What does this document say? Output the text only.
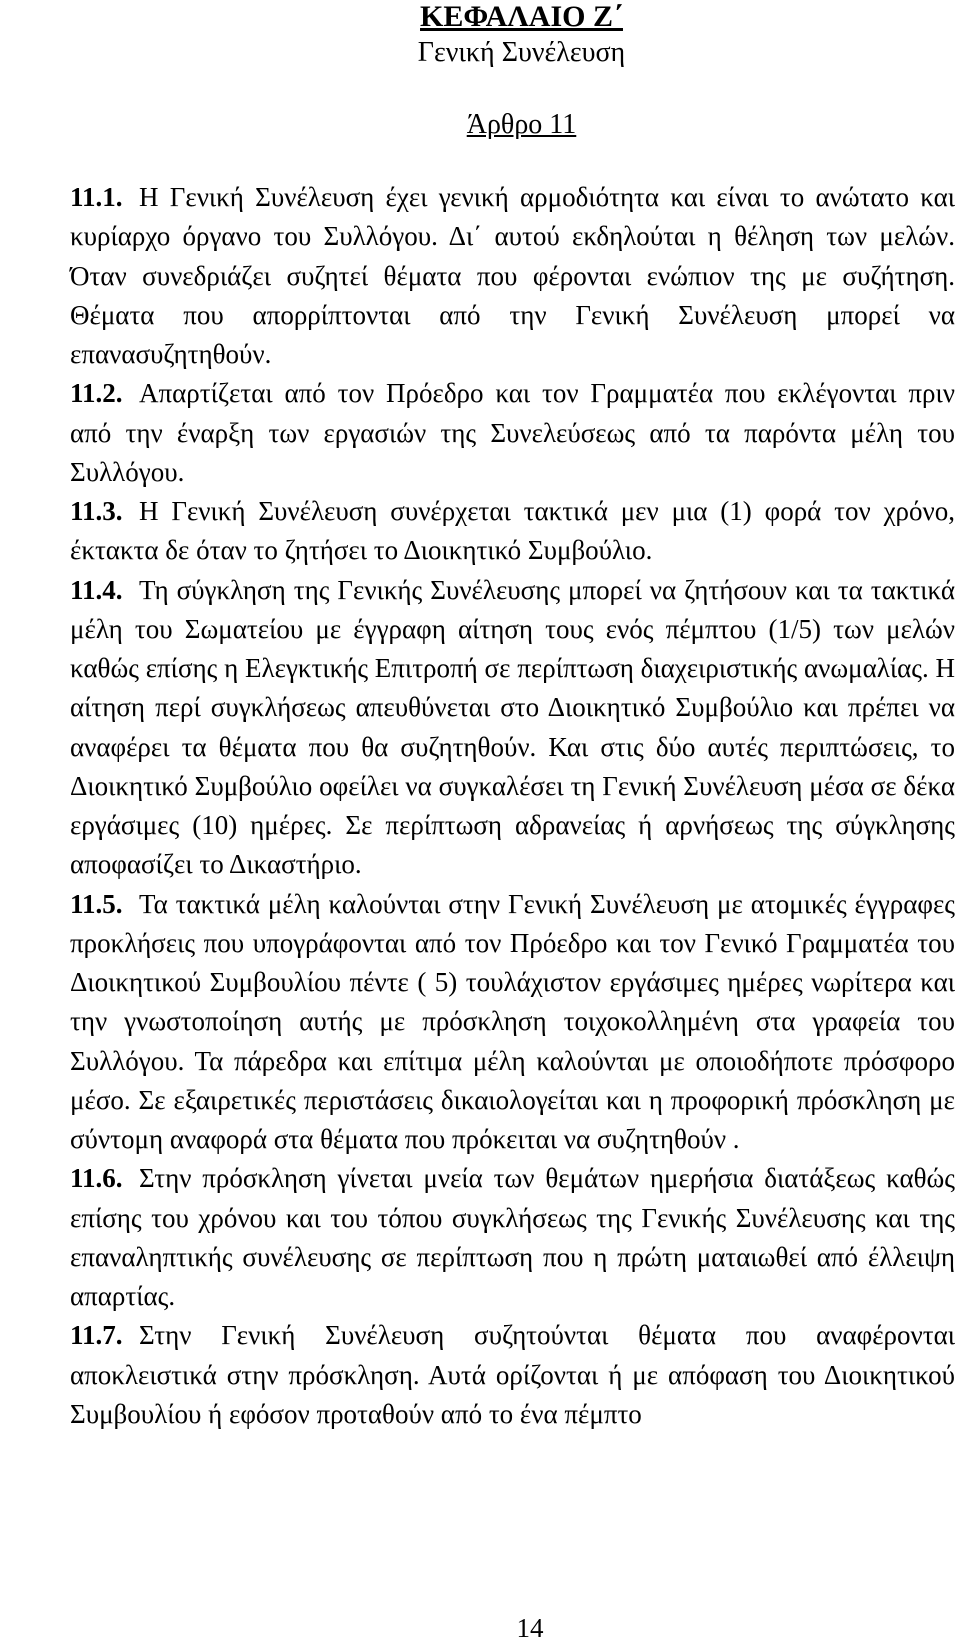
ΚΕΦΑΛΑΙΟ Ζ΄
Γενική Συνέλευση
Άρθρο 11

11.1. Η Γενική Συνέλευση έχει γενική αρμοδιότητα και είναι το ανώτατο και κυρίαρχο όργανο του Συλλόγου. Δι΄ αυτού εκδηλούται η θέληση των μελών. Όταν συνεδριάζει συζητεί θέματα που φέρονται ενώπιον της με συζήτηση. Θέματα που απορρίπτονται από την Γενική Συνέλευση μπορεί να επανασυζητηθούν.

11.2. Απαρτίζεται από τον Πρόεδρο και τον Γραμματέα που εκλέγονται πριν από την έναρξη των εργασιών της Συνελεύσεως από τα παρόντα μέλη του Συλλόγου.

11.3. Η Γενική Συνέλευση συνέρχεται τακτικά μεν μια (1) φορά τον χρόνο, έκτακτα δε όταν το ζητήσει το Διοικητικό Συμβούλιο.

11.4. Τη σύγκληση της Γενικής Συνέλευσης μπορεί να ζητήσουν και τα τακτικά μέλη του Σωματείου με έγγραφη αίτηση τους ενός πέμπτου (1/5) των μελών καθώς επίσης η Ελεγκτικής Επιτροπή σε περίπτωση διαχειριστικής ανωμαλίας. Η αίτηση περί συγκλήσεως απευθύνεται στο Διοικητικό Συμβούλιο και πρέπει να αναφέρει τα θέματα που θα συζητηθούν. Και στις δύο αυτές περιπτώσεις, το Διοικητικό Συμβούλιο οφείλει να συγκαλέσει τη Γενική Συνέλευση μέσα σε δέκα εργάσιμες (10) ημέρες. Σε περίπτωση αδρανείας ή αρνήσεως της σύγκλησης αποφασίζει το Δικαστήριο.

11.5. Τα τακτικά μέλη καλούνται στην Γενική Συνέλευση με ατομικές έγγραφες προκλήσεις που υπογράφονται από τον Πρόεδρο και τον Γενικό Γραμματέα του Διοικητικού Συμβουλίου πέντε ( 5) τουλάχιστον εργάσιμες ημέρες νωρίτερα και την γνωστοποίηση αυτής με πρόσκληση τοιχοκολλημένη στα γραφεία του Συλλόγου. Τα πάρεδρα και επίτιμα μέλη καλούνται με οποιοδήποτε πρόσφορο μέσο. Σε εξαιρετικές περιστάσεις δικαιολογείται και η προφορική πρόσκληση με σύντομη αναφορά στα θέματα που πρόκειται να συζητηθούν .

11.6. Στην πρόσκληση γίνεται μνεία των θεμάτων ημερήσια διατάξεως καθώς επίσης του χρόνου και του τόπου συγκλήσεως της Γενικής Συνέλευσης και της επαναληπτικής συνέλευσης σε περίπτωση που η πρώτη ματαιωθεί από έλλειψη απαρτίας.

11.7. Στην Γενική Συνέλευση συζητούνται θέματα που αναφέρονται αποκλειστικά στην πρόσκληση. Αυτά ορίζονται ή με απόφαση του Διοικητικού Συμβουλίου ή εφόσον προταθούν από το ένα πέμπτο

14
